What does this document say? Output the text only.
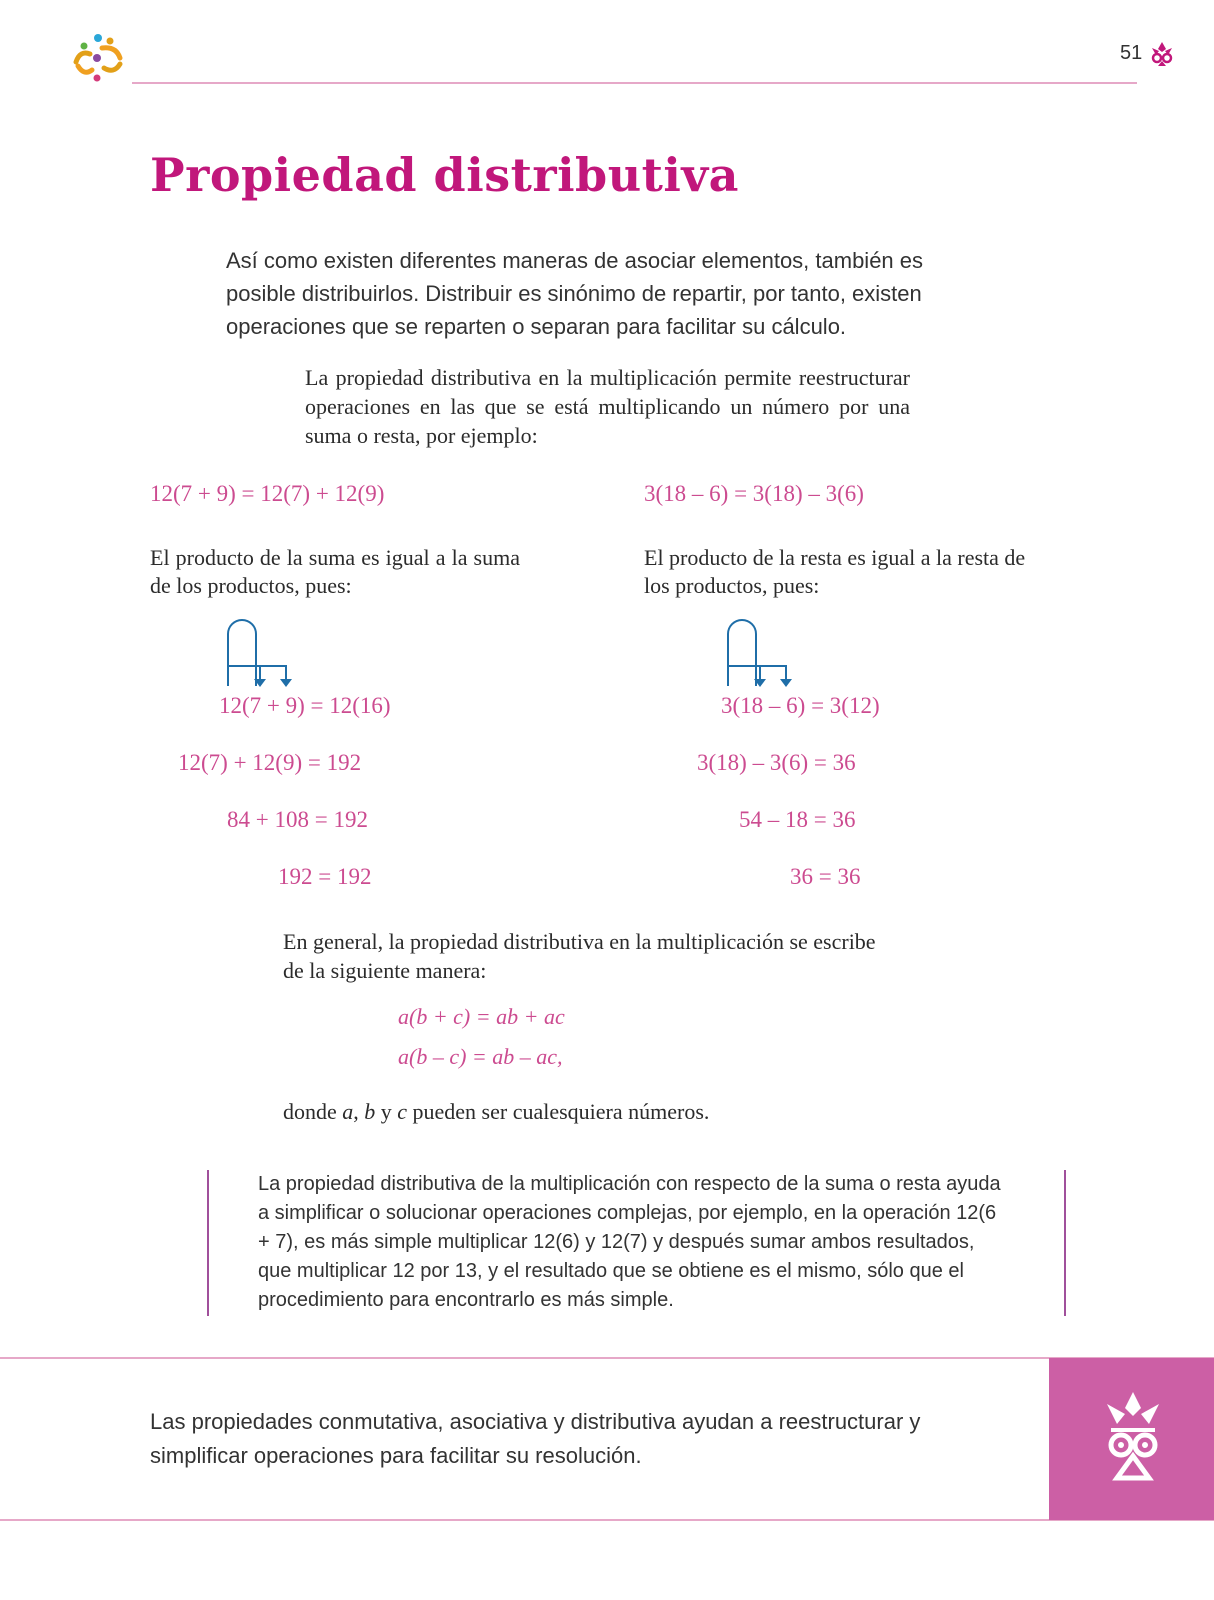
51
Propiedad distributiva

Así como existen diferentes maneras de asociar elementos, también es posible distribuirlos. Distribuir es sinónimo de repartir, por tanto, existen operaciones que se reparten o separan para facilitar su cálculo.

La propiedad distributiva en la multiplicación permite reestructurar operaciones en las que se está multiplicando un número por una suma o resta, por ejemplo:

12(7 + 9) = 12(7) + 12(9)

El producto de la suma es igual a la suma de los productos, pues:

12(7 + 9) = 12(16)
12(7) + 12(9) = 192
84 + 108 = 192
192 = 192
3(18 – 6) = 3(18) – 3(6)

El producto de la resta es igual a la resta de los productos, pues:

3(18 – 6) = 3(12)
3(18) – 3(6) = 36
54 – 18 = 36
36 = 36

En general, la propiedad distributiva en la multiplicación se escribe de la siguiente manera:

a(b + c) = ab + ac
a(b – c) = ab – ac,

donde a, b y c pueden ser cualesquiera números.

La propiedad distributiva de la multiplicación con respecto de la suma o resta ayuda a simplificar o solucionar operaciones complejas, por ejemplo, en la operación 12(6 + 7), es más simple multiplicar 12(6) y 12(7) y después sumar ambos resultados, que multiplicar 12 por 13, y el resultado que se obtiene es el mismo, sólo que el procedimiento para encontrarlo es más simple.

Las propiedades conmutativa, asociativa y distributiva ayudan a reestructurar y simplificar operaciones para facilitar su resolución.
